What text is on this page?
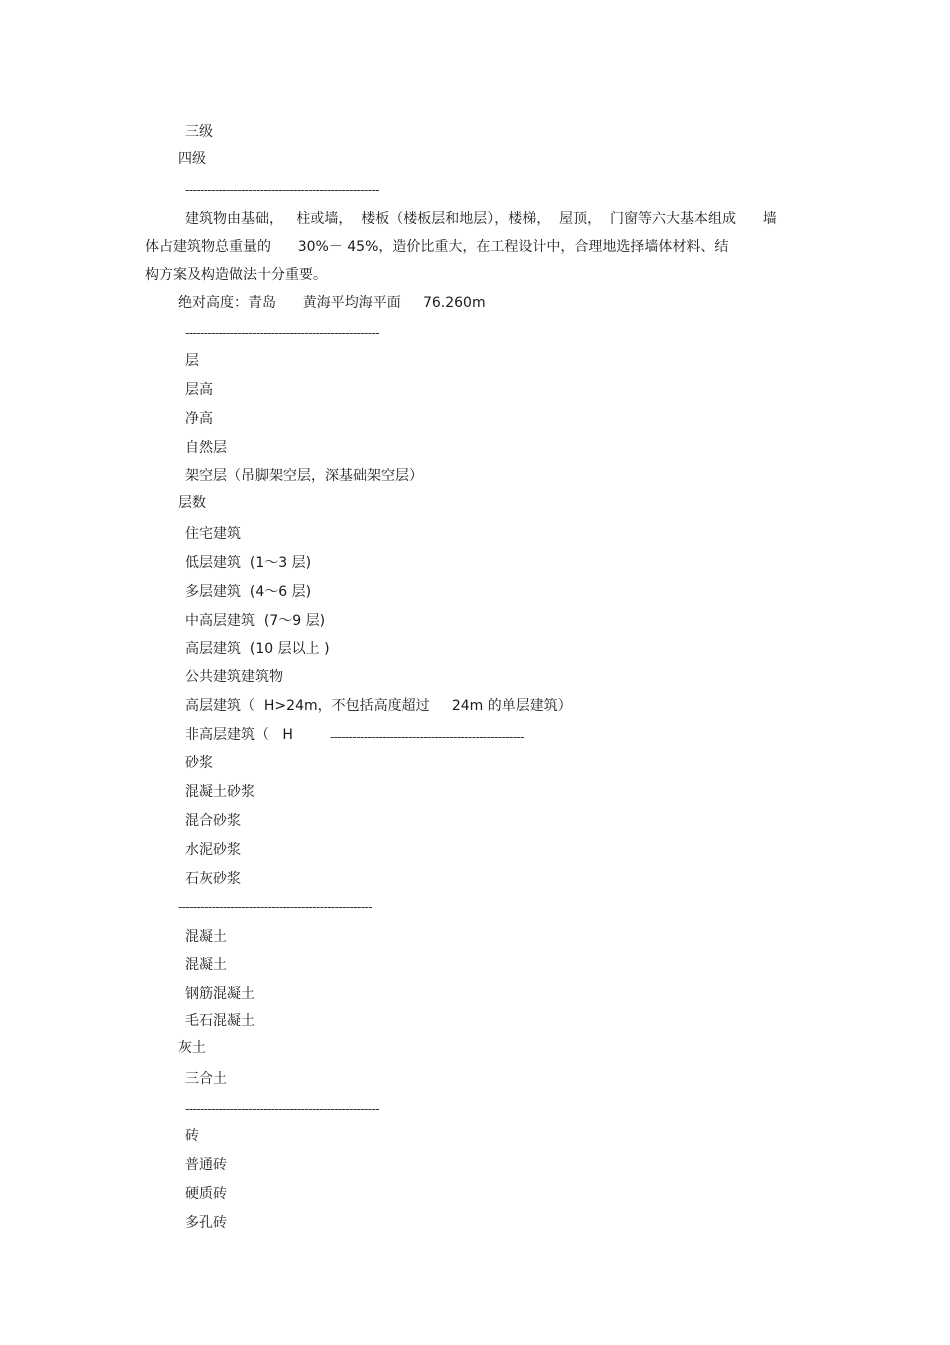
三级
四级
----------------------------------------------------
建筑物由基础，   柱或墙，  楼板（楼板层和地层），楼梯，  屋顶，  门窗等六大基本组成      墙
体占建筑物总重量的      30%－ 45%，造价比重大，在工程设计中，合理地选择墙体材料、结
构方案及构造做法十分重要。
绝对高度：青岛      黄海平均海平面     76.260m
----------------------------------------------------
层
层高
净高
自然层
架空层（吊脚架空层，深基础架空层）
层数
住宅建筑
低层建筑  (1～3 层)
多层建筑  (4～6 层)
中高层建筑  (7～9 层)
高层建筑  (10 层以上 )
公共建筑建筑物
高层建筑（  H>24m，不包括高度超过     24m 的单层建筑）
非高层建筑（   H	----------------------------------------------------
砂浆
混凝土砂浆
混合砂浆
水泥砂浆
石灰砂浆
----------------------------------------------------
混凝土
混凝土
钢筋混凝土
毛石混凝土
灰土
三合土
----------------------------------------------------
砖
普通砖
硬质砖
多孔砖
